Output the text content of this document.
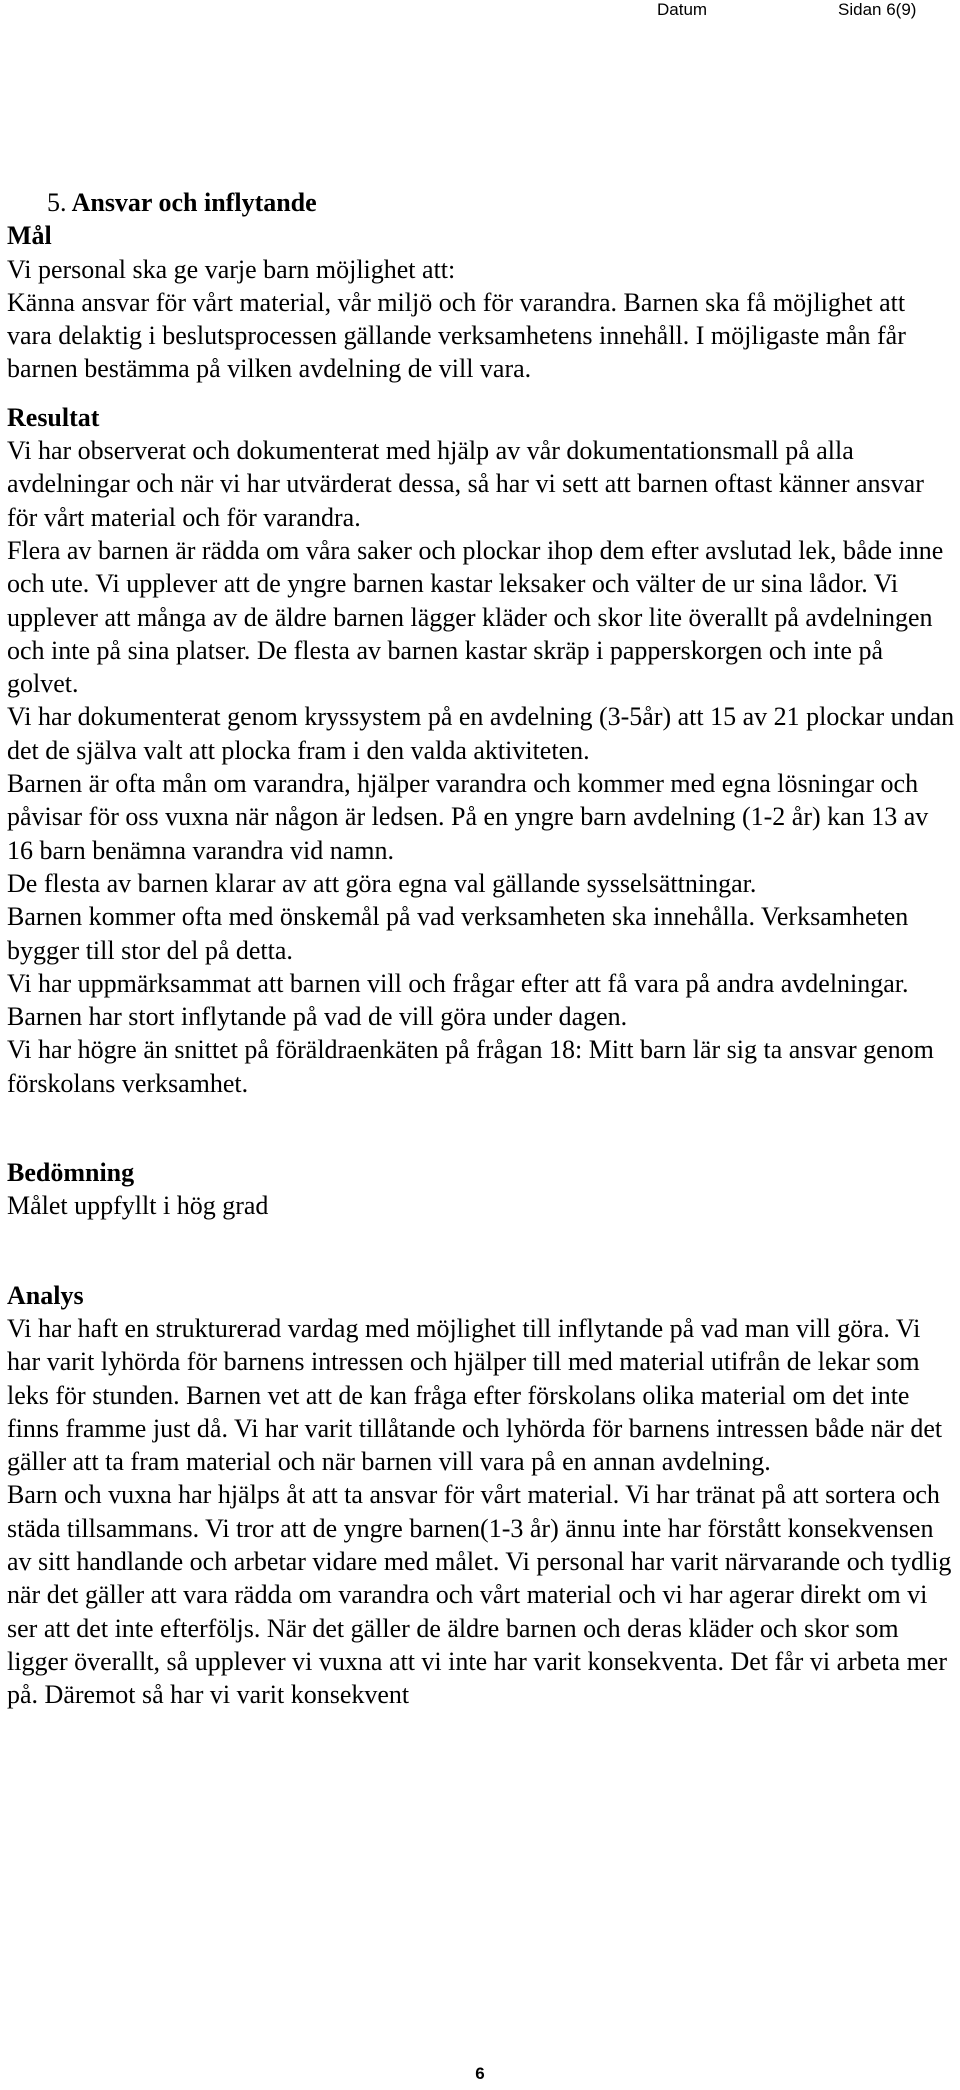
Datum	Sidan 6(9)

5. Ansvar och inflytande

Mål

Vi personal ska ge varje barn möjlighet att:

Känna ansvar för vårt material, vår miljö och för varandra. Barnen ska få möjlighet att vara delaktig i beslutsprocessen gällande verksamhetens innehåll. I möjligaste mån får barnen bestämma på vilken avdelning de vill vara.

Resultat

Vi har observerat och dokumenterat med hjälp av vår dokumentationsmall på alla avdelningar och när vi har utvärderat dessa, så har vi sett att barnen oftast känner ansvar för vårt material och för varandra.

Flera av barnen är rädda om våra saker och plockar ihop dem efter avslutad lek, både inne och ute. Vi upplever att de yngre barnen kastar leksaker och välter de ur sina lådor. Vi upplever att många av de äldre barnen lägger kläder och skor lite överallt på avdelningen och inte på sina platser. De flesta av barnen kastar skräp i papperskorgen och inte på golvet.

Vi har dokumenterat genom kryssystem på en avdelning (3-5år) att 15 av 21 plockar undan det de själva valt att plocka fram i den valda aktiviteten.

Barnen är ofta mån om varandra, hjälper varandra och kommer med egna lösningar och påvisar för oss vuxna när någon är ledsen. På en yngre barn avdelning (1-2 år) kan 13 av 16 barn benämna varandra vid namn.

De flesta av barnen klarar av att göra egna val gällande sysselsättningar.

Barnen kommer ofta med önskemål på vad verksamheten ska innehålla. Verksamheten bygger till stor del på detta.

Vi har uppmärksammat att barnen vill och frågar efter att få vara på andra avdelningar. Barnen har stort inflytande på vad de vill göra under dagen.

Vi har högre än snittet på föräldraenkäten på frågan 18: Mitt barn lär sig ta ansvar genom förskolans verksamhet.

Bedömning

Målet uppfyllt i hög grad

Analys

Vi har haft en strukturerad vardag med möjlighet till inflytande på vad man vill göra. Vi har varit lyhörda för barnens intressen och hjälper till med material utifrån de lekar som leks för stunden. Barnen vet att de kan fråga efter förskolans olika material om det inte finns framme just då. Vi har varit tillåtande och lyhörda för barnens intressen både när det gäller att ta fram material och när barnen vill vara på en annan avdelning.

Barn och vuxna har hjälps åt att ta ansvar för vårt material. Vi har tränat på att sortera och städa tillsammans. Vi tror att de yngre barnen(1-3 år) ännu inte har förstått konsekvensen av sitt handlande och arbetar vidare med målet. Vi personal har varit närvarande och tydlig när det gäller att vara rädda om varandra och vårt material och vi har agerar direkt om vi ser att det inte efterföljs. När det gäller de äldre barnen och deras kläder och skor som ligger överallt, så upplever vi vuxna att vi inte har varit konsekventa. Det får vi arbeta mer på. Däremot så har vi varit konsekvent

6
